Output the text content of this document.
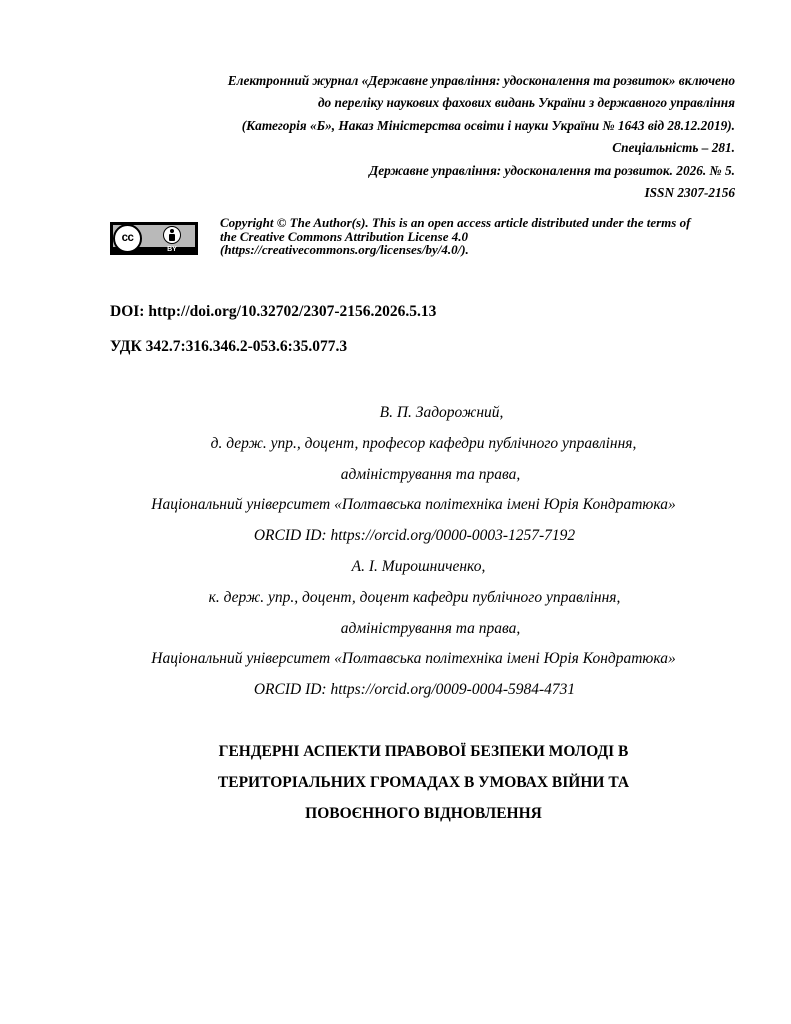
Електронний журнал «Державне управління: удосконалення та розвиток» включено
до переліку наукових фахових видань України з державного управління
(Категорія «Б», Наказ Міністерства освіти і науки України № 1643 від 28.12.2019).
Спеціальність – 281.
Державне управління: удосконалення та розвиток. 2026. № 5.
ISSN 2307-2156
cc
BY
Copyright © The Author(s). This is an open access article distributed under the terms of
the Creative Commons Attribution License 4.0
(https://creativecommons.org/licenses/by/4.0/).
DOI: http://doi.org/10.32702/2307-2156.2026.5.13
УДК 342.7:316.346.2-053.6:35.077.3
В. П. Задорожний,
д. держ. упр., доцент, професор кафедри публічного управління,
адміністрування та права,
Національний університет «Полтавська політехніка імені Юрія Кондратюка»
ORCID ID: https://orcid.org/0000-0003-1257-7192
А. І. Мирошниченко,
к. держ. упр., доцент, доцент кафедри публічного управління,
адміністрування та права,
Національний університет «Полтавська політехніка імені Юрія Кондратюка»
ORCID ID: https://orcid.org/0009-0004-5984-4731
ГЕНДЕРНІ АСПЕКТИ ПРАВОВОЇ БЕЗПЕКИ МОЛОДІ В
ТЕРИТОРІАЛЬНИХ ГРОМАДАХ В УМОВАХ ВІЙНИ ТА
ПОВОЄННОГО ВІДНОВЛЕННЯ
